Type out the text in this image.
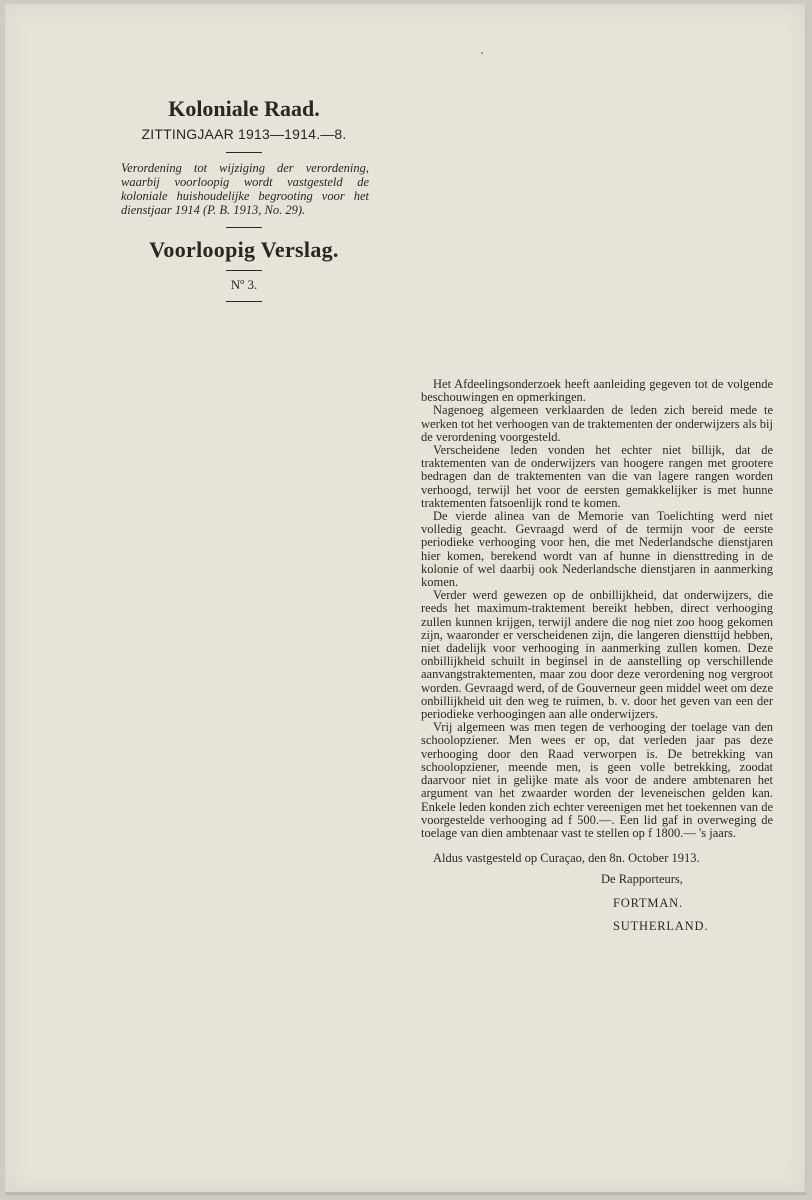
Koloniale Raad.

ZITTINGJAAR 1913—1914.—8.

Verordening tot wijziging der verordening, waarbij voorloopig wordt vastgesteld de koloniale huishoudelijke begrooting voor het dienstjaar 1914 (P. B. 1913, No. 29).

Voorloopig Verslag.

Nº 3.

Het Afdeelingsonderzoek heeft aanleiding gegeven tot de volgende beschouwingen en opmerkingen.

Nagenoeg algemeen verklaarden de leden zich bereid mede te werken tot het verhoogen van de traktementen der onderwijzers als bij de verordening voorgesteld.

Verscheidene leden vonden het echter niet billijk, dat de traktementen van de onderwijzers van hoogere rangen met grootere bedragen dan de traktementen van die van lagere rangen worden verhoogd, terwijl het voor de eersten gemakkelijker is met hunne traktementen fatsoenlijk rond te komen.

De vierde alinea van de Memorie van Toelichting werd niet volledig geacht. Gevraagd werd of de termijn voor de eerste periodieke verhooging voor hen, die met Nederlandsche dienstjaren hier komen, berekend wordt van af hunne in diensttreding in de kolonie of wel daarbij ook Nederlandsche dienstjaren in aanmerking komen.

Verder werd gewezen op de onbillijkheid, dat onderwijzers, die reeds het maximum-traktement bereikt hebben, direct verhooging zullen kunnen krijgen, terwijl andere die nog niet zoo hoog gekomen zijn, waaronder er verscheidenen zijn, die langeren diensttijd hebben, niet dadelijk voor verhooging in aanmerking zullen komen. Deze onbillijkheid schuilt in beginsel in de aanstelling op verschillende aanvangstraktementen, maar zou door deze verordening nog vergroot worden. Gevraagd werd, of de Gouverneur geen middel weet om deze onbillijkheid uit den weg te ruimen, b. v. door het geven van een der periodieke verhoogingen aan alle onderwijzers.

Vrij algemeen was men tegen de verhooging der toelage van den schoolopziener. Men wees er op, dat verleden jaar pas deze verhooging door den Raad verworpen is. De betrekking van schoolopziener, meende men, is geen volle betrekking, zoodat daarvoor niet in gelijke mate als voor de andere ambtenaren het argument van het zwaarder worden der leveneischen gelden kan. Enkele leden konden zich echter vereenigen met het toekennen van de voorgestelde verhooging ad f 500.—. Een lid gaf in overweging de toelage van dien ambtenaar vast te stellen op f 1800.— 's jaars.

Aldus vastgesteld op Curaçao, den 8n. October 1913.

De Rapporteurs,

FORTMAN.

SUTHERLAND.
